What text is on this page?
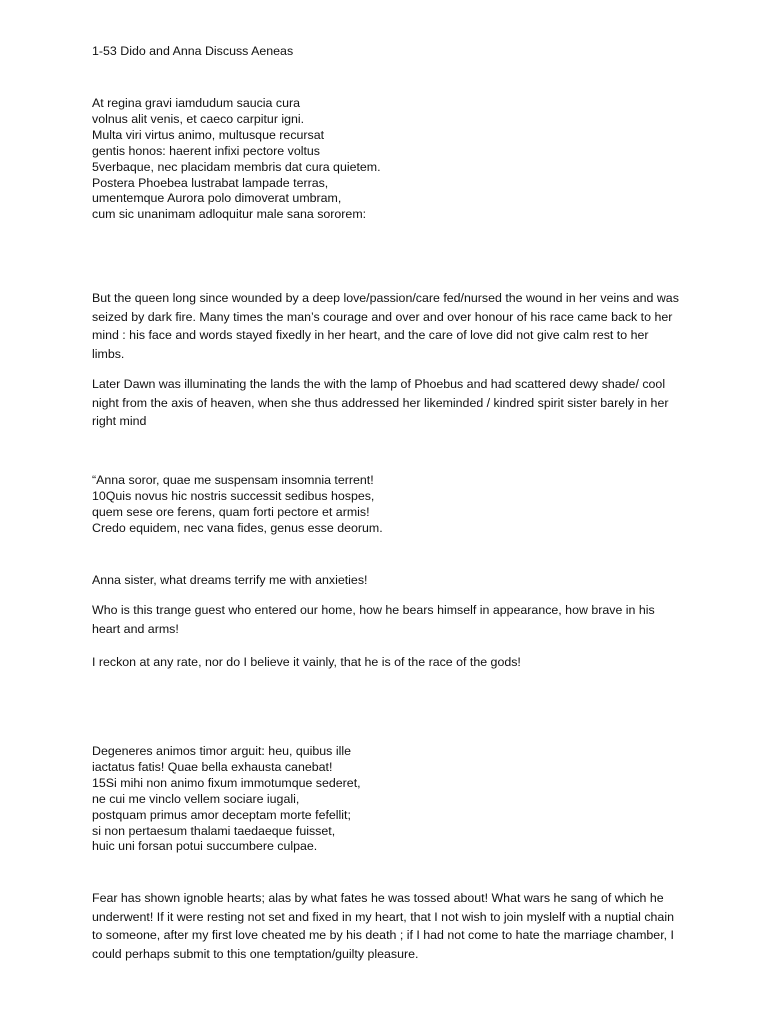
1-53 Dido and Anna Discuss Aeneas

At regina gravi iamdudum saucia cura
volnus alit venis, et caeco carpitur igni.
Multa viri virtus animo, multusque recursat
gentis honos: haerent infixi pectore voltus
5verbaque, nec placidam membris dat cura quietem.
Postera Phoebea lustrabat lampade terras,
umentemque Aurora polo dimoverat umbram,
cum sic unanimam adloquitur male sana sororem:

But the queen long since wounded by a deep love/passion/care fed/nursed the wound in her veins and was seized by dark fire. Many times the man’s courage and over and over honour of his race came back to her mind : his face and words stayed fixedly in her heart, and the care of love did not give calm rest to her limbs.

Later Dawn was illuminating the lands the with the lamp of Phoebus and had scattered dewy shade/ cool night from the axis of heaven, when she thus addressed her likeminded / kindred spirit sister barely in her right mind

“Anna soror, quae me suspensam insomnia terrent!
10Quis novus hic nostris successit sedibus hospes,
quem sese ore ferens, quam forti pectore et armis!
Credo equidem, nec vana fides, genus esse deorum.

Anna sister, what dreams terrify me with anxieties!

Who is this trange guest who entered our home, how he bears himself in appearance, how brave in his heart and arms!

I reckon at any rate, nor do I believe it vainly, that he is of the race of the gods!

Degeneres animos timor arguit: heu, quibus ille
iactatus fatis! Quae bella exhausta canebat!
15Si mihi non animo fixum immotumque sederet,
ne cui me vinclo vellem sociare iugali,
postquam primus amor deceptam morte fefellit;
si non pertaesum thalami taedaeque fuisset,
huic uni forsan potui succumbere culpae.

Fear has shown ignoble hearts; alas by what fates he was tossed about! What wars he sang of which he underwent! If it were resting not set and fixed in my heart, that I not wish to join myslelf with a nuptial chain to someone, after my first love cheated me by his death ; if I had not come to hate the marriage chamber, I could perhaps submit to this one temptation/guilty pleasure.
